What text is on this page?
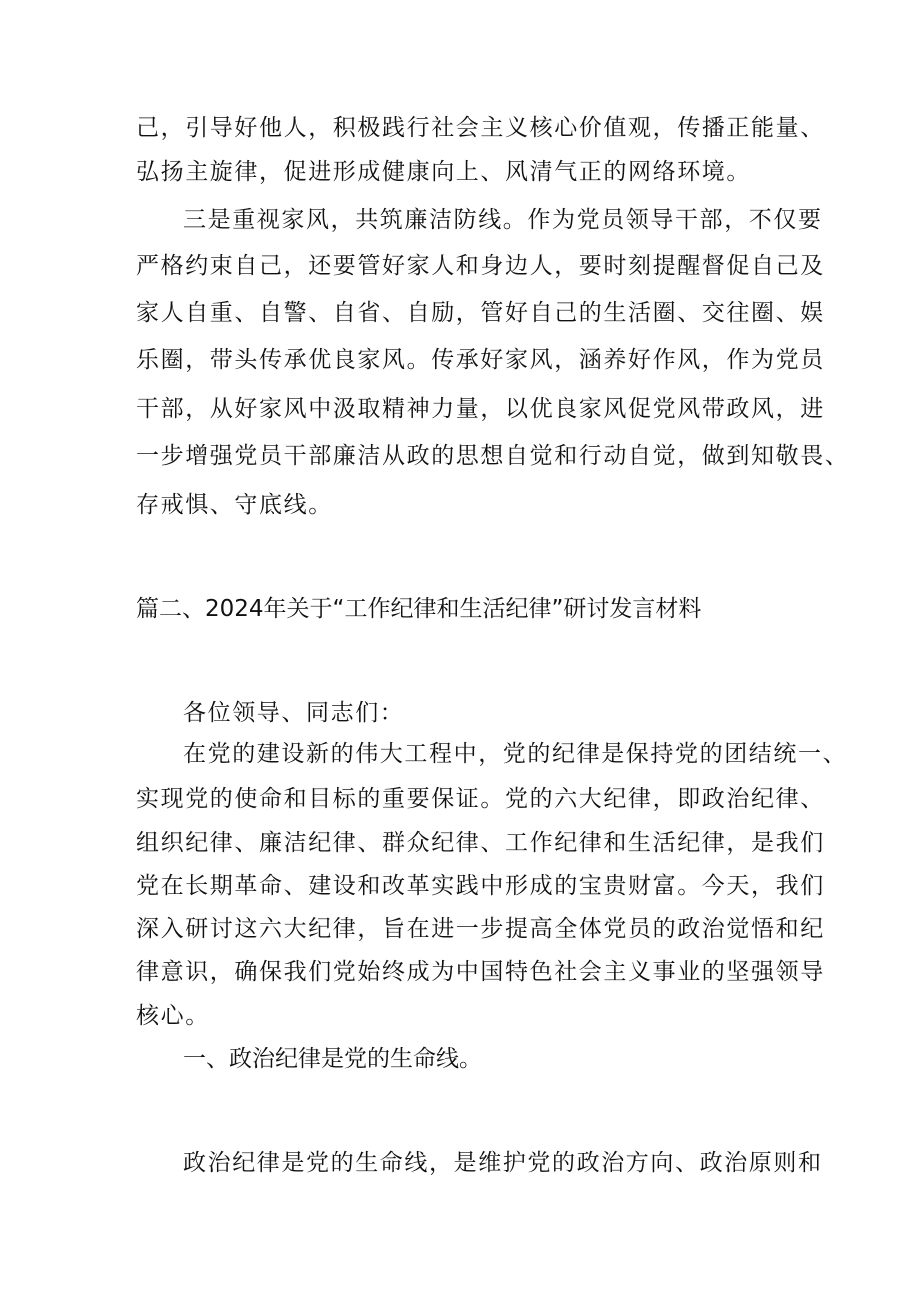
己，引导好他人，积极践行社会主义核心价值观，传播正能量、
弘扬主旋律，促进形成健康向上、风清气正的网络环境。
三是重视家风，共筑廉洁防线。作为党员领导干部，不仅要
严格约束自己，还要管好家人和身边人，要时刻提醒督促自己及
家人自重、自警、自省、自励，管好自己的生活圈、交往圈、娱
乐圈，带头传承优良家风。传承好家风，涵养好作风，作为党员
干部，从好家风中汲取精神力量，以优良家风促党风带政风，进
一步增强党员干部廉洁从政的思想自觉和行动自觉，做到知敬畏、
存戒惧、守底线。
篇二、2024年关于“工作纪律和生活纪律”研讨发言材料
各位领导、同志们：
在党的建设新的伟大工程中，党的纪律是保持党的团结统一、
实现党的使命和目标的重要保证。党的六大纪律，即政治纪律、
组织纪律、廉洁纪律、群众纪律、工作纪律和生活纪律，是我们
党在长期革命、建设和改革实践中形成的宝贵财富。今天，我们
深入研讨这六大纪律，旨在进一步提高全体党员的政治觉悟和纪
律意识，确保我们党始终成为中国特色社会主义事业的坚强领导
核心。
一、政治纪律是党的生命线。
政治纪律是党的生命线，是维护党的政治方向、政治原则和
